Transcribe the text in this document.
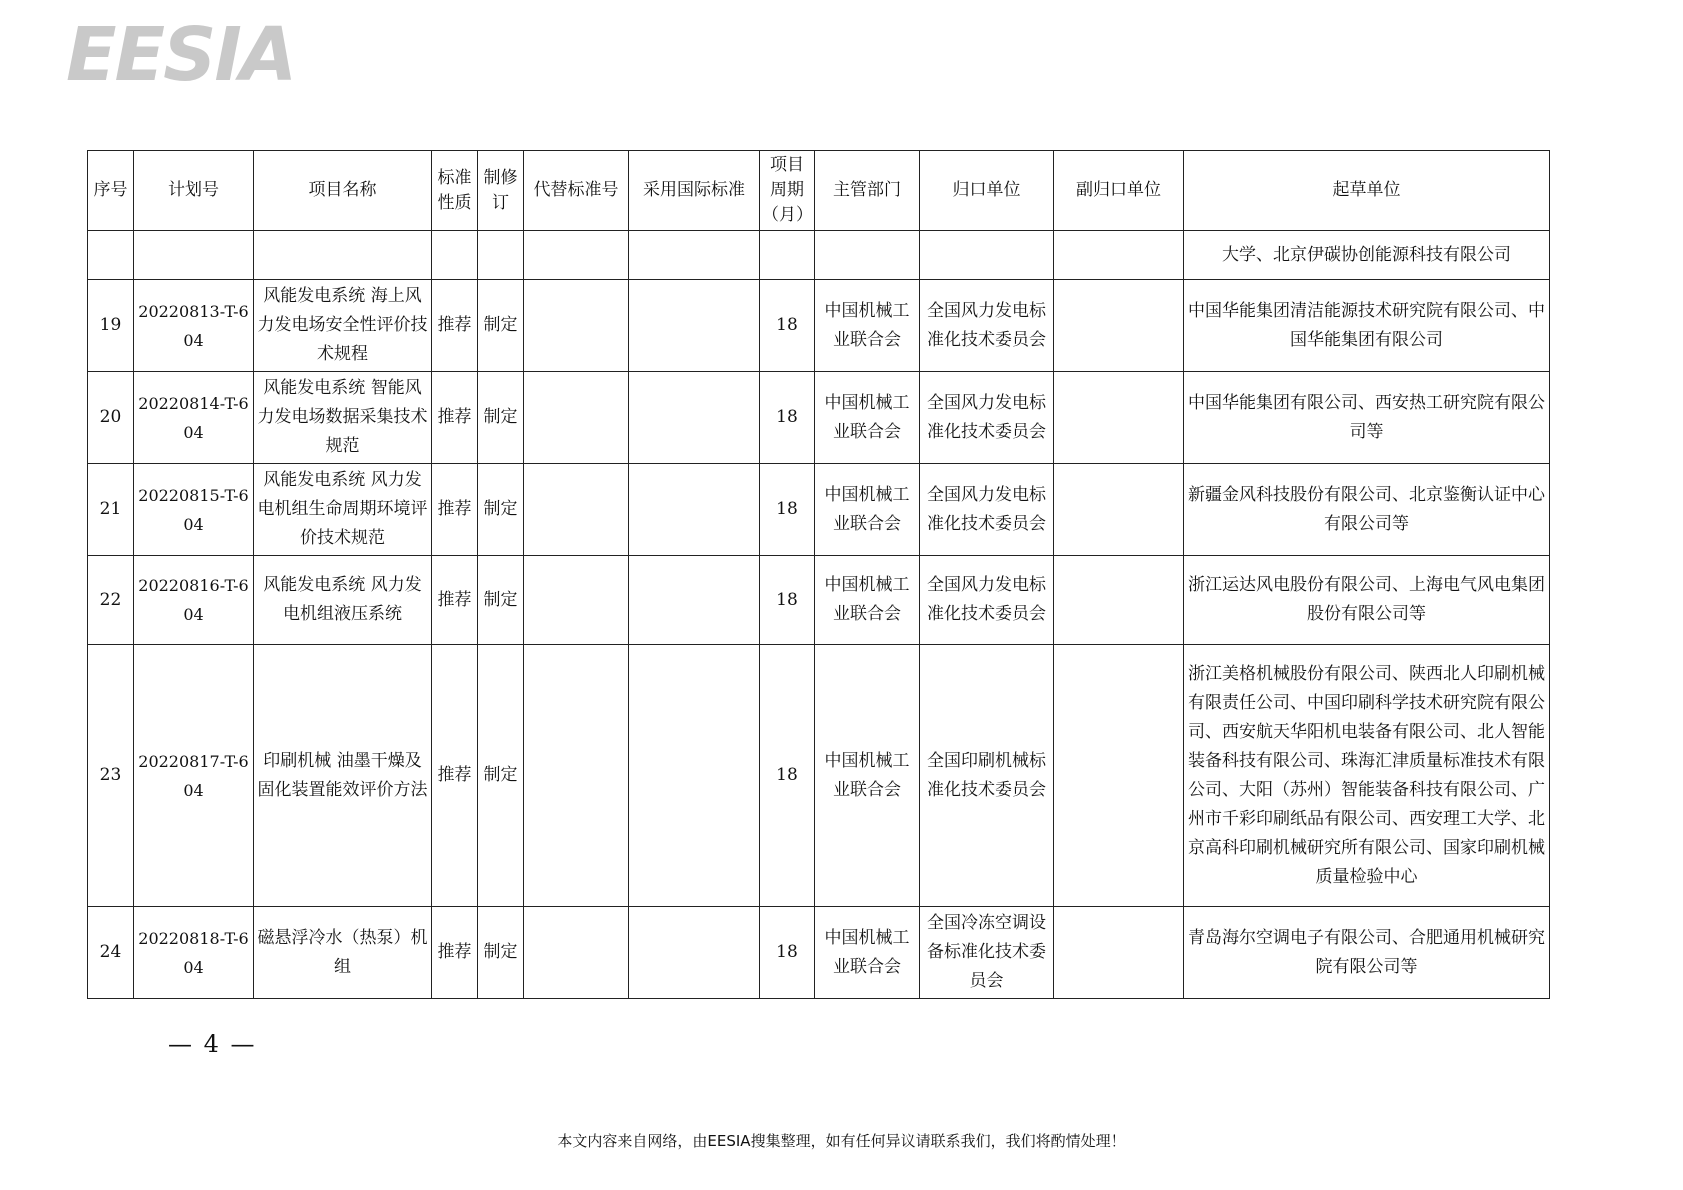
EESIA
序号	计划号	项目名称	标准性质	制修订	代替标准号	采用国际标准	项目周期（月）	主管部门	归口单位	副归口单位	起草单位
											大学、北京伊碳协创能源科技有限公司
19	20220813-T-604	风能发电系统 海上风力发电场安全性评价技术规程	推荐	制定			18	中国机械工业联合会	全国风力发电标准化技术委员会		中国华能集团清洁能源技术研究院有限公司、中国华能集团有限公司
20	20220814-T-604	风能发电系统 智能风力发电场数据采集技术规范	推荐	制定			18	中国机械工业联合会	全国风力发电标准化技术委员会		中国华能集团有限公司、西安热工研究院有限公司等
21	20220815-T-604	风能发电系统 风力发电机组生命周期环境评价技术规范	推荐	制定			18	中国机械工业联合会	全国风力发电标准化技术委员会		新疆金风科技股份有限公司、北京鉴衡认证中心有限公司等
22	20220816-T-604	风能发电系统 风力发电机组液压系统	推荐	制定			18	中国机械工业联合会	全国风力发电标准化技术委员会		浙江运达风电股份有限公司、上海电气风电集团股份有限公司等
23	20220817-T-604	印刷机械 油墨干燥及固化装置能效评价方法	推荐	制定			18	中国机械工业联合会	全国印刷机械标准化技术委员会		浙江美格机械股份有限公司、陕西北人印刷机械有限责任公司、中国印刷科学技术研究院有限公司、西安航天华阳机电装备有限公司、北人智能装备科技有限公司、珠海汇津质量标准技术有限公司、大阳（苏州）智能装备科技有限公司、广州市千彩印刷纸品有限公司、西安理工大学、北京高科印刷机械研究所有限公司、国家印刷机械质量检验中心
24	20220818-T-604	磁悬浮冷水（热泵）机组	推荐	制定			18	中国机械工业联合会	全国冷冻空调设备标准化技术委员会		青岛海尔空调电子有限公司、合肥通用机械研究院有限公司等
— 4 —
本文内容来自网络，由EESIA搜集整理，如有任何异议请联系我们，我们将酌情处理！
